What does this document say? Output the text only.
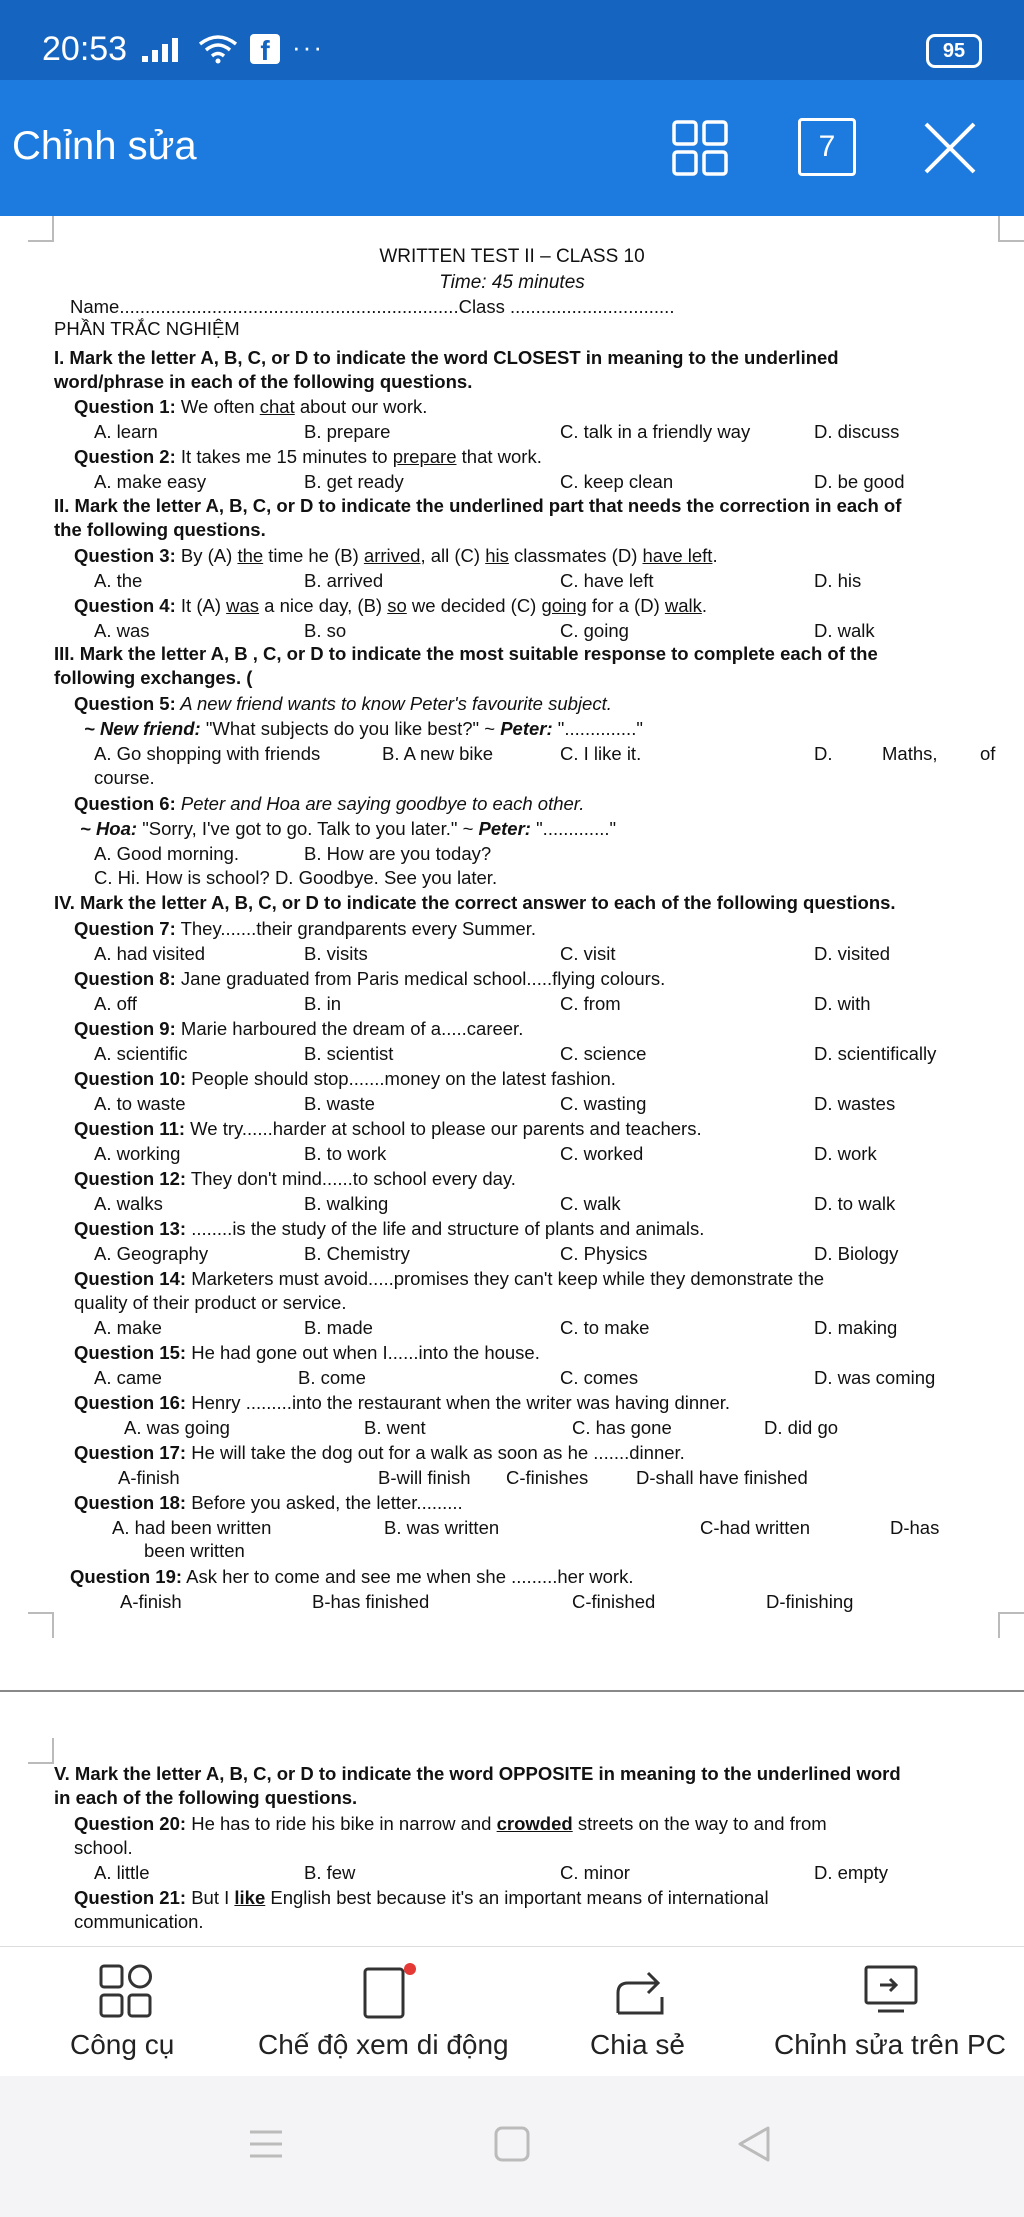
20:53	f ···	95
Chỉnh sửa	7
WRITTEN TEST II – CLASS 10
Time: 45 minutes
Name..................................................................Class ................................
PHẦN TRẮC NGHIỆM
I. Mark the letter A, B, C, or D to indicate the word CLOSEST in meaning to the underlined
word/phrase in each of the following questions.
Question 1: We often chat about our work.
A. learn	B. prepare	C. talk in a friendly way	D. discuss
Question 2: It takes me 15 minutes to prepare that work.
A. make easy	B. get ready	C. keep clean	D. be good
II. Mark the letter A, B, C, or D to indicate the underlined part that needs the correction in each of
the following questions.
Question 3: By (A) the time he (B) arrived, all (C) his classmates (D) have left.
A. the	B. arrived	C. have left	D. his
Question 4: It (A) was a nice day, (B) so we decided (C) going for a (D) walk.
A. was	B. so	C. going	D. walk
III. Mark the letter A, B , C, or D to indicate the most suitable response to complete each of the
following exchanges. (
Question 5: A new friend wants to know Peter's favourite subject.
~ New friend: "What subjects do you like best?" ~ Peter: ".............."
A. Go shopping with friends	B. A new bike	C. I like it.	D.	Maths, of
course.
Question 6: Peter and Hoa are saying goodbye to each other.
~ Hoa: "Sorry, I've got to go. Talk to you later." ~ Peter: "............."
A. Good morning.	B. How are you today?
C. Hi. How is school? D. Goodbye. See you later.
IV. Mark the letter A, B, C, or D to indicate the correct answer to each of the following questions.
Question 7: They.......their grandparents every Summer.
A. had visited	B. visits	C. visit	D. visited
Question 8: Jane graduated from Paris medical school.....flying colours.
A. off	B. in	C. from	D. with
Question 9: Marie harboured the dream of a.....career.
A. scientific	B. scientist	C. science	D. scientifically
Question 10: People should stop.......money on the latest fashion.
A. to waste	B. waste	C. wasting	D. wastes
Question 11: We try......harder at school to please our parents and teachers.
A. working	B. to work	C. worked	D. work
Question 12: They don't mind......to school every day.
A. walks	B. walking	C. walk	D. to walk
Question 13: ........is the study of the life and structure of plants and animals.
A. Geography	B. Chemistry	C. Physics	D. Biology
Question 14: Marketers must avoid.....promises they can't keep while they demonstrate the
quality of their product or service.
A. make	B. made	C. to make	D. making
Question 15: He had gone out when I......into the house.
A. came	B. come	C. comes	D. was coming
Question 16: Henry .........into the restaurant when the writer was having dinner.
A. was going	B. went	C. has gone	D. did go
Question 17: He will take the dog out for a walk as soon as he .......dinner.
A-finish	B-will finish C-finishes	D-shall have finished
Question 18: Before you asked, the letter.........
A. had been written	B. was written	C-had written	D-has
been written
Question 19: Ask her to come and see me when she .........her work.
A-finish	B-has finished	C-finished	D-finishing
V. Mark the letter A, B, C, or D to indicate the word OPPOSITE in meaning to the underlined word
in each of the following questions.
Question 20: He has to ride his bike in narrow and crowded streets on the way to and from
school.
A. little	B. few	C. minor	D. empty
Question 21: But I like English best because it's an important means of international
communication.
Công cụ	Chế độ xem di động	Chia sẻ	Chỉnh sửa trên PC
